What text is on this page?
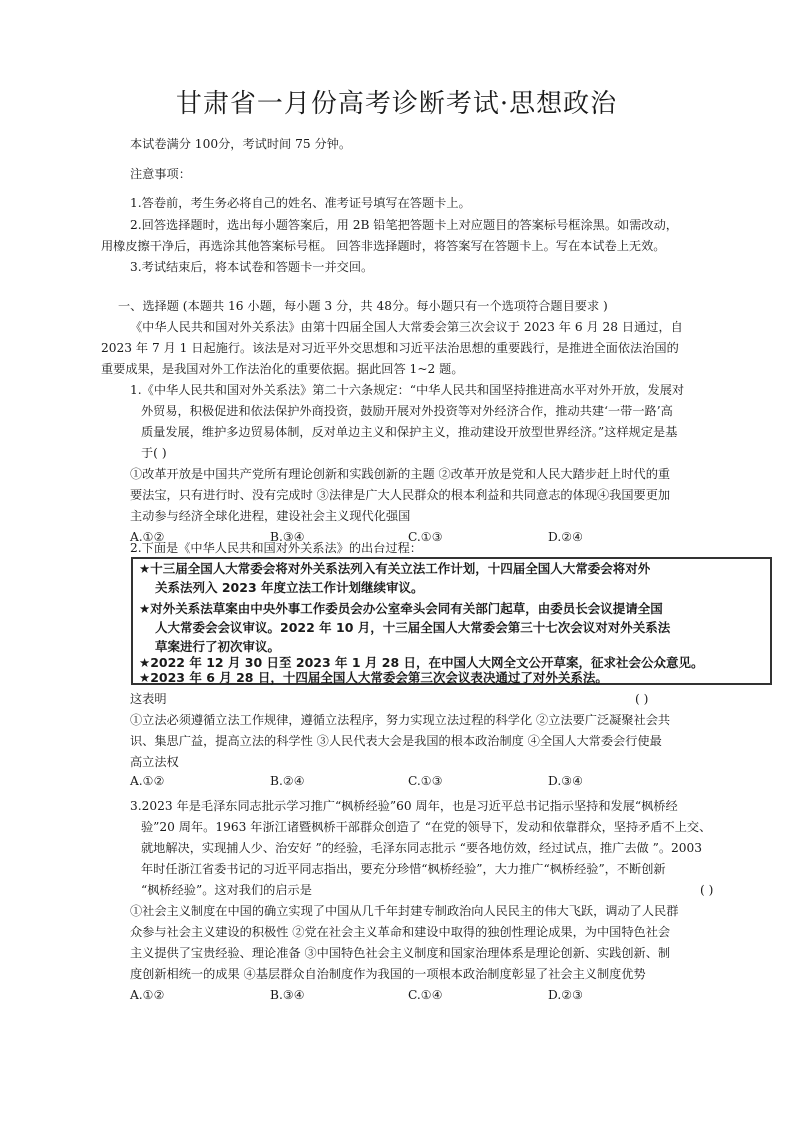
甘肃省一月份高考诊断考试·思想政治
本试卷满分 100分，考试时间 75 分钟。
注意事项：
1.答卷前，考生务必将自己的姓名、准考证号填写在答题卡上。
2.回答选择题时，选出每小题答案后，用 2B 铅笔把答题卡上对应题目的答案标号框涂黑。如需改动，
用橡皮擦干净后，再选涂其他答案标号框。 回答非选择题时，将答案写在答题卡上。写在本试卷上无效。
3.考试结束后，将本试卷和答题卡一并交回。
一、选择题 (本题共 16 小题，每小题 3 分，共 48分。每小题只有一个选项符合题目要求 )
《中华人民共和国对外关系法》由第十四届全国人大常委会第三次会议于 2023 年 6 月 28 日通过，自
2023 年 7 月 1 日起施行。该法是对习近平外交思想和习近平法治思想的重要践行，是推进全面依法治国的
重要成果，是我国对外工作法治化的重要依据。据此回答 1~2 题。
1.《中华人民共和国对外关系法》第二十六条规定：“中华人民共和国坚持推进高水平对外开放，发展对
外贸易，积极促进和依法保护外商投资，鼓励开展对外投资等对外经济合作，推动共建‘一带一路’高
质量发展，维护多边贸易体制，反对单边主义和保护主义，推动建设开放型世界经济。”这样规定是基
于( )
①改革开放是中国共产党所有理论创新和实践创新的主题 ②改革开放是党和人民大踏步赶上时代的重
要法宝，只有进行时、没有完成时 ③法律是广大人民群众的根本利益和共同意志的体现④我国要更加
主动参与经济全球化进程，建设社会主义现代化强国
A.①②	B.③④	C.①③	D.②④
2.下面是《中华人民共和国对外关系法》的出台过程：
★十三届全国人大常委会将对外关系法列入有关立法工作计划，十四届全国人大常委会将对外
关系法列入 2023 年度立法工作计划继续审议。
★对外关系法草案由中央外事工作委员会办公室牵头会同有关部门起草，由委员长会议提请全国
人大常委会会议审议。2022 年 10 月，十三届全国人大常委会第三十七次会议对对外关系法
草案进行了初次审议。
★2022 年 12 月 30 日至 2023 年 1 月 28 日，在中国人大网全文公开草案，征求社会公众意见。
★2023 年 6 月 28 日，十四届全国人大常委会第三次会议表决通过了对外关系法。
这表明	( )
①立法必须遵循立法工作规律，遵循立法程序，努力实现立法过程的科学化 ②立法要广泛凝聚社会共
识、集思广益，提高立法的科学性 ③人民代表大会是我国的根本政治制度 ④全国人大常委会行使最
高立法权
A.①②	B.②④	C.①③	D.③④
3.2023 年是毛泽东同志批示学习推广“枫桥经验”60 周年，也是习近平总书记指示坚持和发展“枫桥经
验”20 周年。1963 年浙江诸暨枫桥干部群众创造了 “在党的领导下，发动和依靠群众，坚持矛盾不上交、
就地解决，实现捕人少、治安好 ”的经验，毛泽东同志批示 “要各地仿效，经过试点，推广去做 ”。2003
年时任浙江省委书记的习近平同志指出，要充分珍惜“枫桥经验”，大力推广“枫桥经验”，不断创新
“枫桥经验”。这对我们的启示是	( )
①社会主义制度在中国的确立实现了中国从几千年封建专制政治向人民民主的伟大飞跃，调动了人民群
众参与社会主义建设的积极性 ②党在社会主义革命和建设中取得的独创性理论成果，为中国特色社会
主义提供了宝贵经验、理论准备 ③中国特色社会主义制度和国家治理体系是理论创新、实践创新、制
度创新相统一的成果 ④基层群众自治制度作为我国的一项根本政治制度彰显了社会主义制度优势
A.①②	B.③④	C.①④	D.②③
